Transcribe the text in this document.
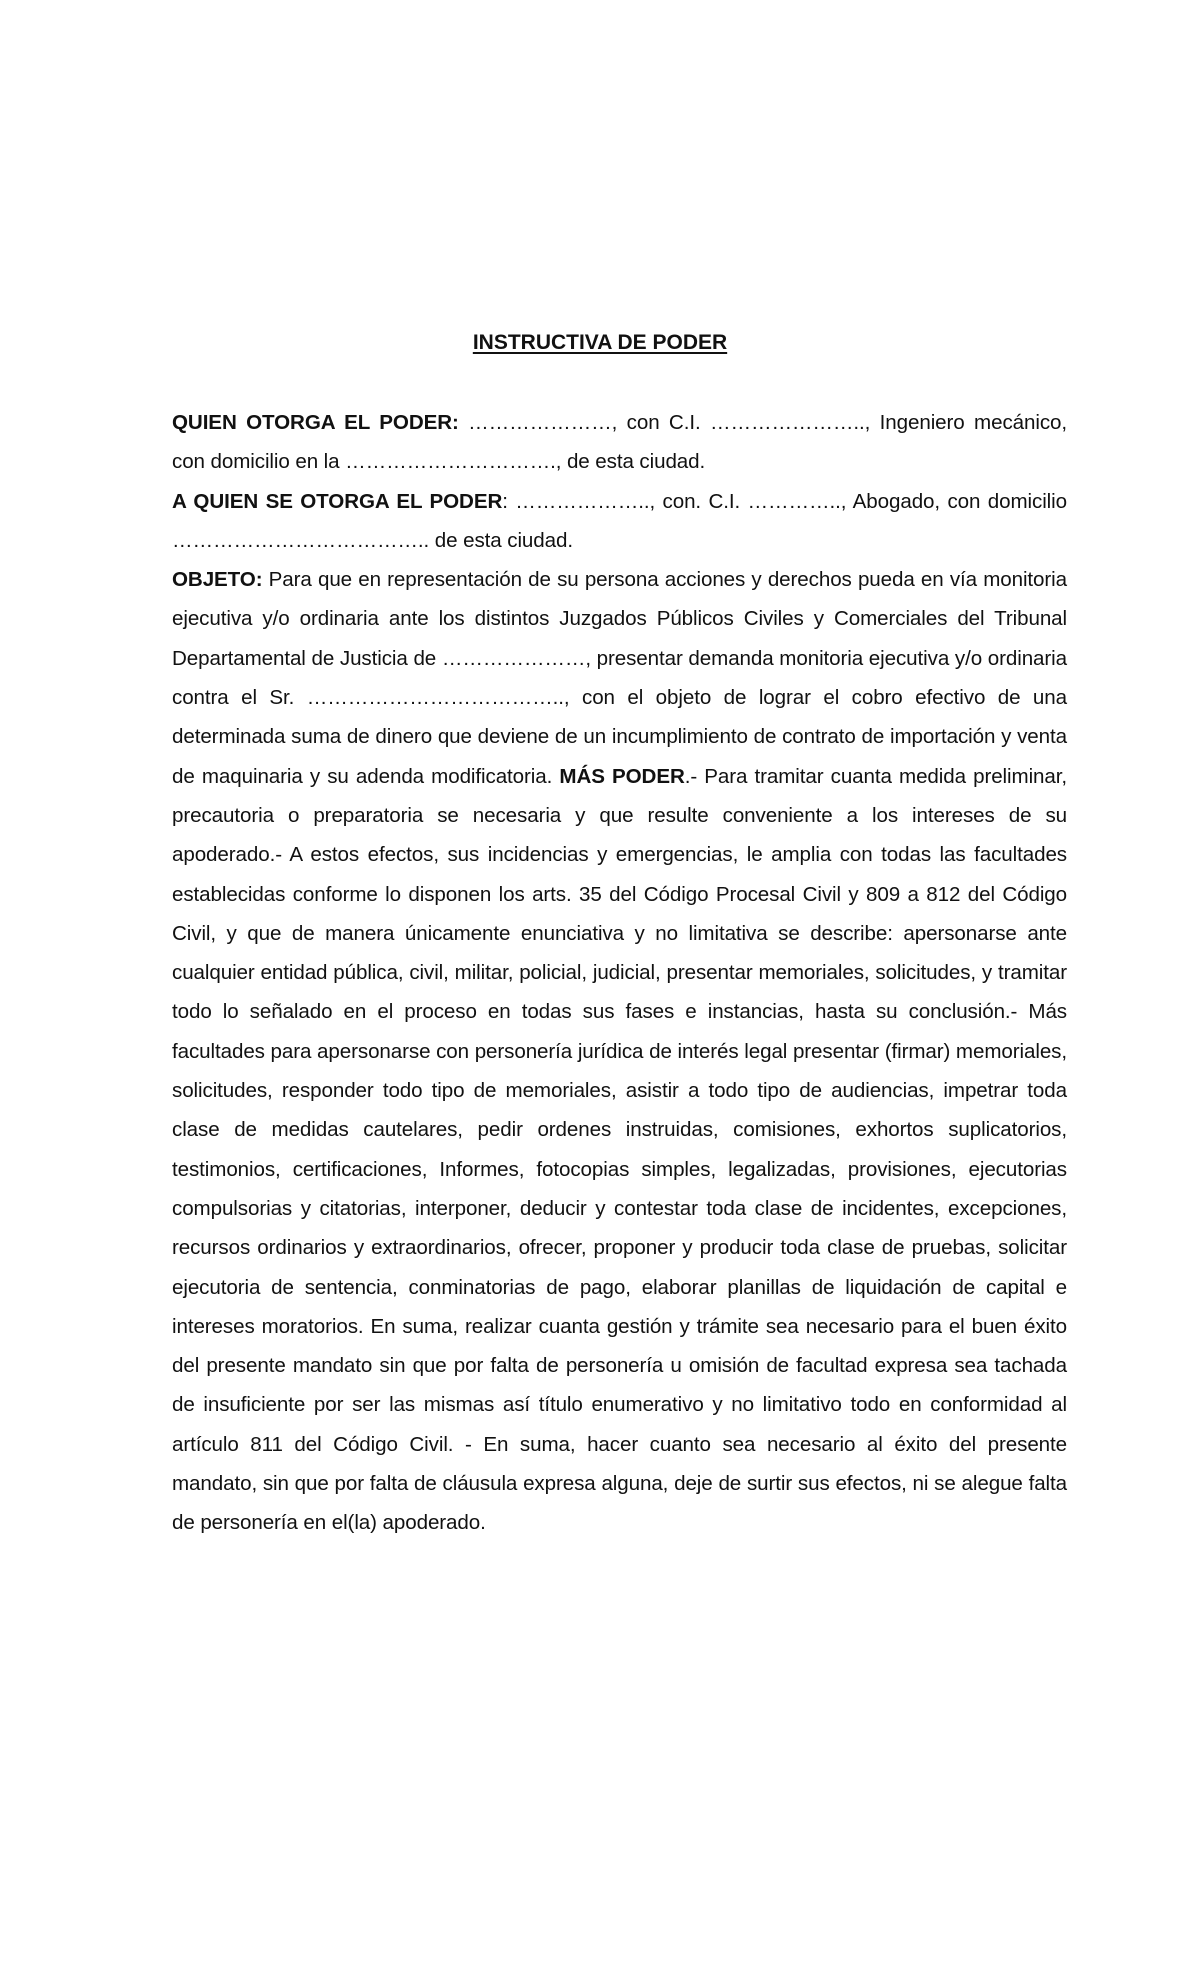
INSTRUCTIVA DE PODER

QUIEN OTORGA EL PODER: …………………, con C.I. ………………….., Ingeniero mecánico, con domicilio en la …………………………., de esta ciudad.

A QUIEN SE OTORGA EL PODER: ……………….., con. C.I. ………….., Abogado, con domicilio ……………………………….. de esta ciudad.

OBJETO: Para que en representación de su persona acciones y derechos pueda en vía monitoria ejecutiva y/o ordinaria ante los distintos Juzgados Públicos Civiles y Comerciales del Tribunal Departamental de Justicia de …………………, presentar demanda monitoria ejecutiva y/o ordinaria contra el Sr. ……………………………….., con el objeto de lograr el cobro efectivo de una determinada suma de dinero que deviene de un incumplimiento de contrato de importación y venta de maquinaria y su adenda modificatoria. MÁS PODER.- Para tramitar cuanta medida preliminar, precautoria o preparatoria se necesaria y que resulte conveniente a los intereses de su apoderado.- A estos efectos, sus incidencias y emergencias, le amplia con todas las facultades establecidas conforme lo disponen los arts. 35 del Código Procesal Civil y 809 a 812 del Código Civil, y que de manera únicamente enunciativa y no limitativa se describe: apersonarse ante cualquier entidad pública, civil, militar, policial, judicial, presentar memoriales, solicitudes, y tramitar todo lo señalado en el proceso en todas sus fases e instancias, hasta su conclusión.- Más facultades para apersonarse con personería jurídica de interés legal presentar (firmar) memoriales, solicitudes, responder todo tipo de memoriales, asistir a todo tipo de audiencias, impetrar toda clase de medidas cautelares, pedir ordenes instruidas, comisiones, exhortos suplicatorios, testimonios, certificaciones, Informes, fotocopias simples, legalizadas, provisiones, ejecutorias compulsorias y citatorias, interponer, deducir y contestar toda clase de incidentes, excepciones, recursos ordinarios y extraordinarios, ofrecer, proponer y producir toda clase de pruebas, solicitar ejecutoria de sentencia, conminatorias de pago, elaborar planillas de liquidación de capital e intereses moratorios. En suma, realizar cuanta gestión y trámite sea necesario para el buen éxito del presente mandato sin que por falta de personería u omisión de facultad expresa sea tachada de insuficiente por ser las mismas así título enumerativo y no limitativo todo en conformidad al artículo 811 del Código Civil. - En suma, hacer cuanto sea necesario al éxito del presente mandato, sin que por falta de cláusula expresa alguna, deje de surtir sus efectos, ni se alegue falta de personería en el(la) apoderado.
